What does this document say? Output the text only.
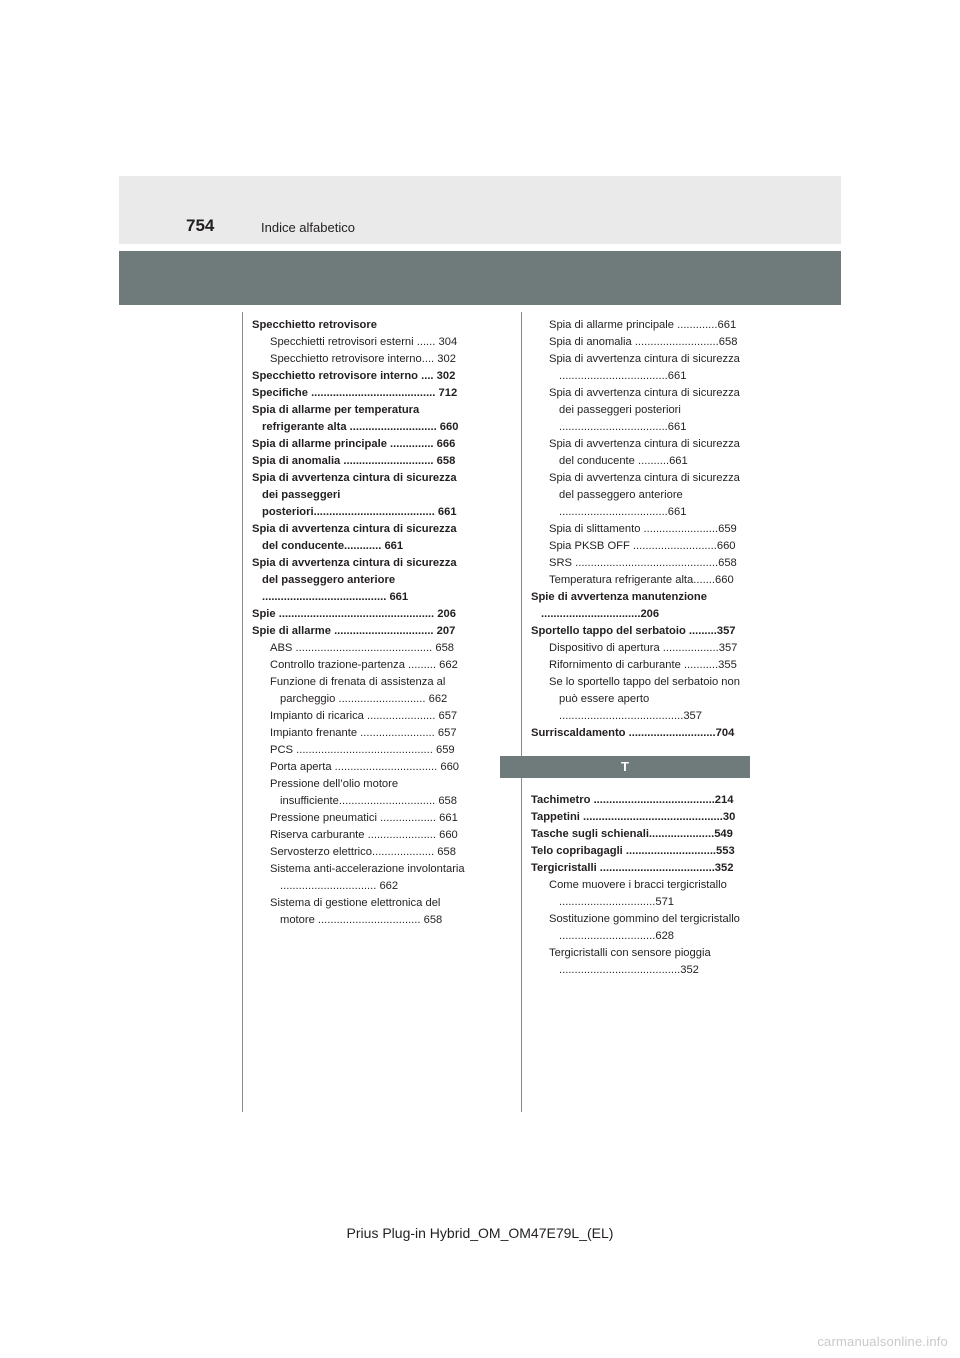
754	Indice alfabetico
Specchietto retrovisore
Specchietti retrovisori esterni ...... 304
Specchietto retrovisore interno.... 302
Specchietto retrovisore interno .... 302
Specifiche ........................................ 712
Spia di allarme per temperatura refrigerante alta ............................ 660
Spia di allarme principale .............. 666
Spia di anomalia ............................. 658
Spia di avvertenza cintura di sicurezza dei passeggeri posteriori....................................... 661
Spia di avvertenza cintura di sicurezza del conducente............ 661
Spia di avvertenza cintura di sicurezza del passeggero anteriore ........................................ 661
Spie .................................................. 206
Spie di allarme ................................ 207
ABS ............................................ 658
Controllo trazione-partenza ......... 662
Funzione di frenata di assistenza al parcheggio ............................ 662
Impianto di ricarica ...................... 657
Impianto frenante ........................ 657
PCS ............................................ 659
Porta aperta ................................. 660
Pressione dell’olio motore insufficiente............................... 658
Pressione pneumatici .................. 661
Riserva carburante ...................... 660
Servosterzo elettrico.................... 658
Sistema anti-accelerazione involontaria ............................... 662
Sistema di gestione elettronica del motore ................................. 658
Spia di allarme principale .............661
Spia di anomalia ...........................658
Spia di avvertenza cintura di sicurezza ...................................661
Spia di avvertenza cintura di sicurezza dei passeggeri posteriori ...................................661
Spia di avvertenza cintura di sicurezza del conducente ..........661
Spia di avvertenza cintura di sicurezza del passeggero anteriore ...................................661
Spia di slittamento ........................659
Spia PKSB OFF ...........................660
SRS ..............................................658
Temperatura refrigerante alta.......660
Spie di avvertenza manutenzione ................................206
Sportello tappo del serbatoio .........357
Dispositivo di apertura ..................357
Rifornimento di carburante ...........355
Se lo sportello tappo del serbatoio non può essere aperto ........................................357
Surriscaldamento ............................704
T
Tachimetro .......................................214
Tappetini .............................................30
Tasche sugli schienali.....................549
Telo copribagagli .............................553
Tergicristalli .....................................352
Come muovere i bracci tergicristallo ...............................571
Sostituzione gommino del tergicristallo ...............................628
Tergicristalli con sensore pioggia .......................................352
Prius Plug-in Hybrid_OM_OM47E79L_(EL)
carmanualsonline.info
